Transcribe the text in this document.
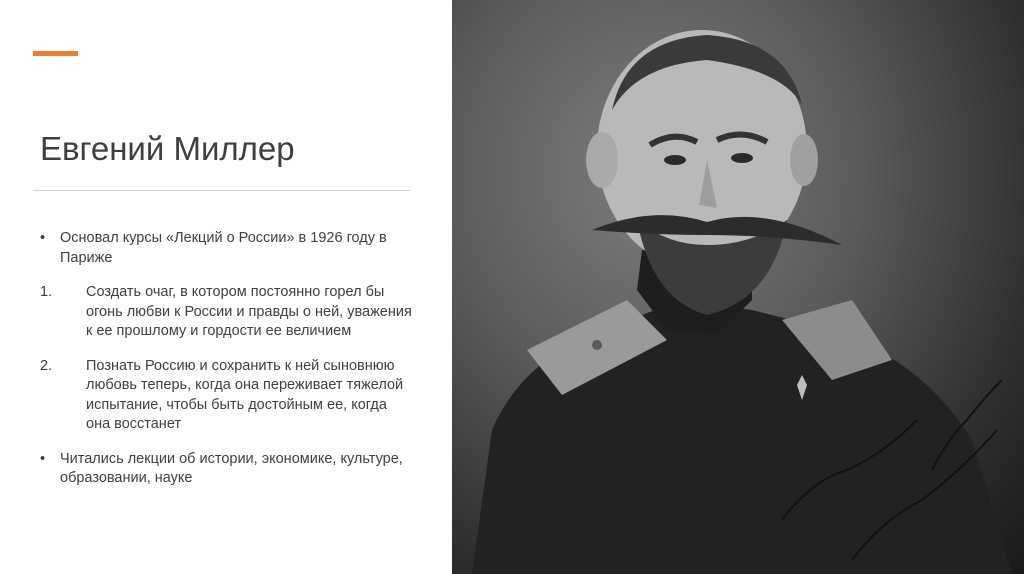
Евгений Миллер
• Основал курсы «Лекций о России» в 1926 году в Париже
1. Создать очаг, в котором постоянно горел бы огонь любви к России и правды о ней, уважения к ее прошлому и гордости ее величием
2. Познать Россию и сохранить к ней сыновнюю любовь теперь, когда она переживает тяжелой испытание, чтобы быть достойным ее, когда она восстанет
• Читались лекции об истории, экономике, культуре, образовании, науке
